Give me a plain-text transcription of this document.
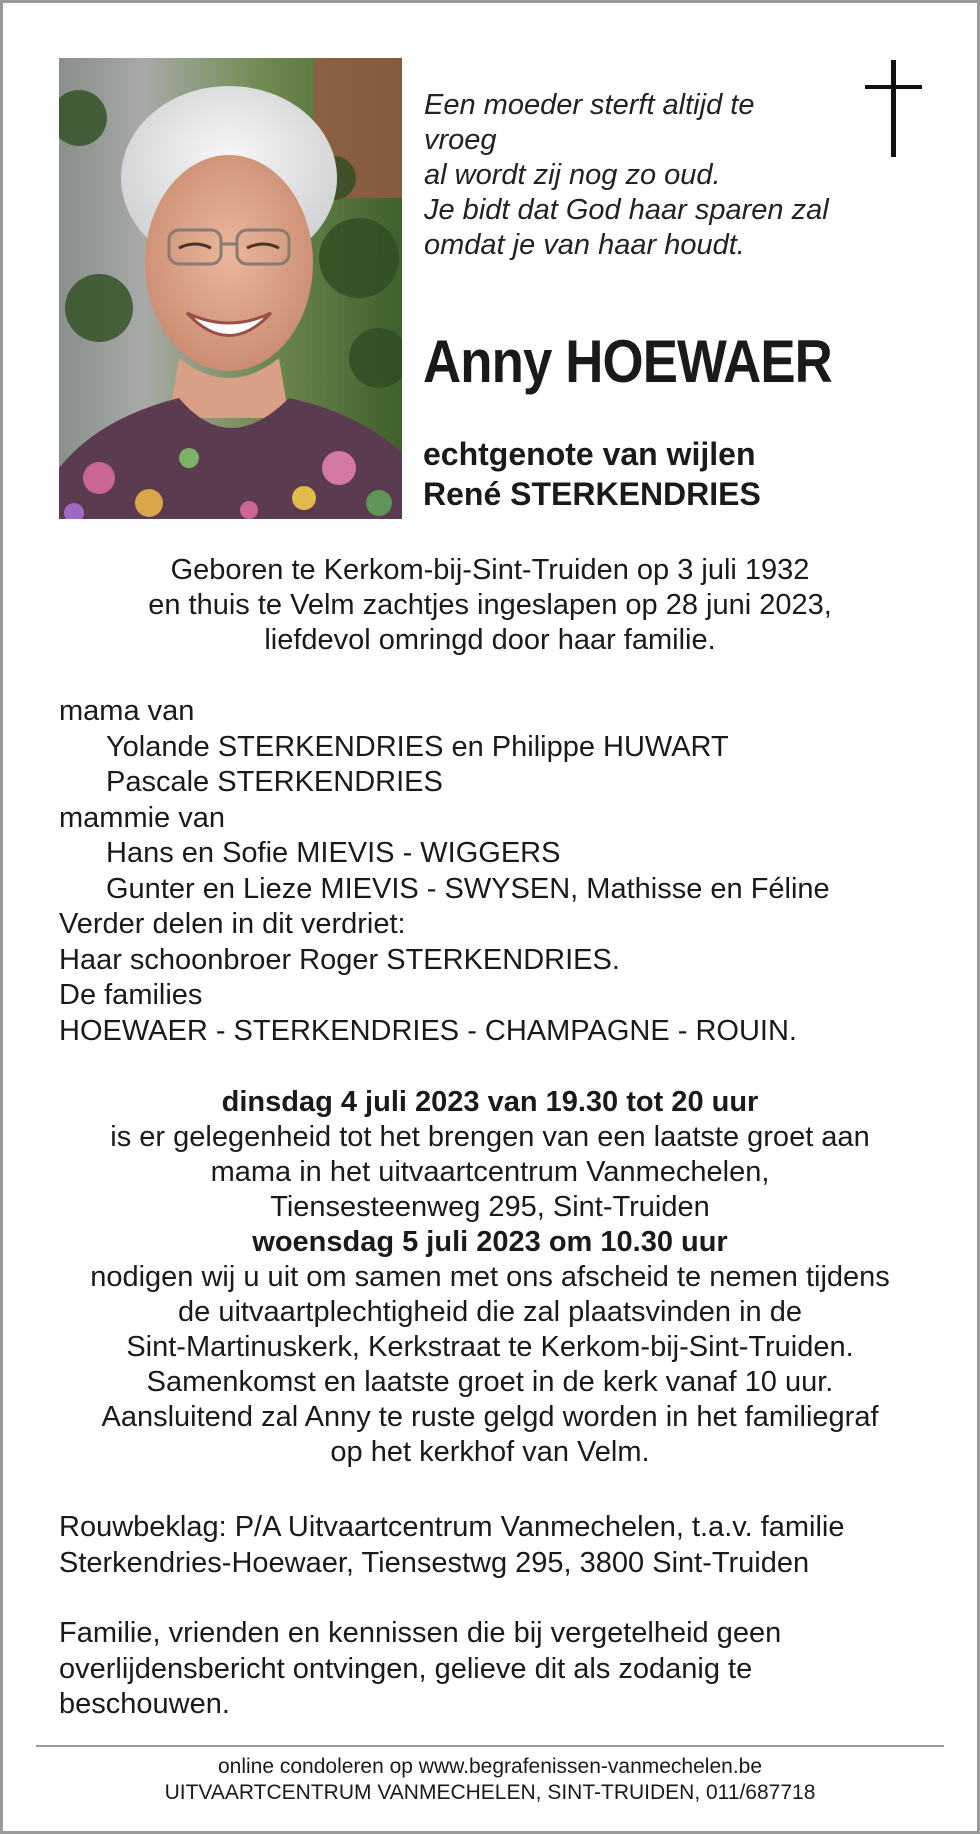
Een moeder sterft altijd te
vroeg
al wordt zij nog zo oud.
Je bidt dat God haar sparen zal
omdat je van haar houdt.
Anny HOEWAER
echtgenote van wijlen
René STERKENDRIES
Geboren te Kerkom-bij-Sint-Truiden op 3 juli 1932
en thuis te Velm zachtjes ingeslapen op 28 juni 2023,
liefdevol omringd door haar familie.
mama van
Yolande STERKENDRIES en Philippe HUWART
Pascale STERKENDRIES
mammie van
Hans en Sofie MIEVIS - WIGGERS
Gunter en Lieze MIEVIS - SWYSEN, Mathisse en Féline
Verder delen in dit verdriet:
Haar schoonbroer Roger STERKENDRIES.
De families
HOEWAER - STERKENDRIES - CHAMPAGNE - ROUIN.
dinsdag 4 juli 2023 van 19.30 tot 20 uur
is er gelegenheid tot het brengen van een laatste groet aan
mama in het uitvaartcentrum Vanmechelen,
Tiensesteenweg 295, Sint-Truiden
woensdag 5 juli 2023 om 10.30 uur
nodigen wij u uit om samen met ons afscheid te nemen tijdens
de uitvaartplechtigheid die zal plaatsvinden in de
Sint-Martinuskerk, Kerkstraat te Kerkom-bij-Sint-Truiden.
Samenkomst en laatste groet in de kerk vanaf 10 uur.
Aansluitend zal Anny te ruste gelgd worden in het familiegraf
op het kerkhof van Velm.
Rouwbeklag: P/A Uitvaartcentrum Vanmechelen, t.a.v. familie
Sterkendries-Hoewaer, Tiensestwg 295, 3800 Sint-Truiden
Familie, vrienden en kennissen die bij vergetelheid geen
overlijdensbericht ontvingen, gelieve dit als zodanig te
beschouwen.
online condoleren op www.begrafenissen-vanmechelen.be
UITVAARTCENTRUM VANMECHELEN, SINT-TRUIDEN, 011/687718
